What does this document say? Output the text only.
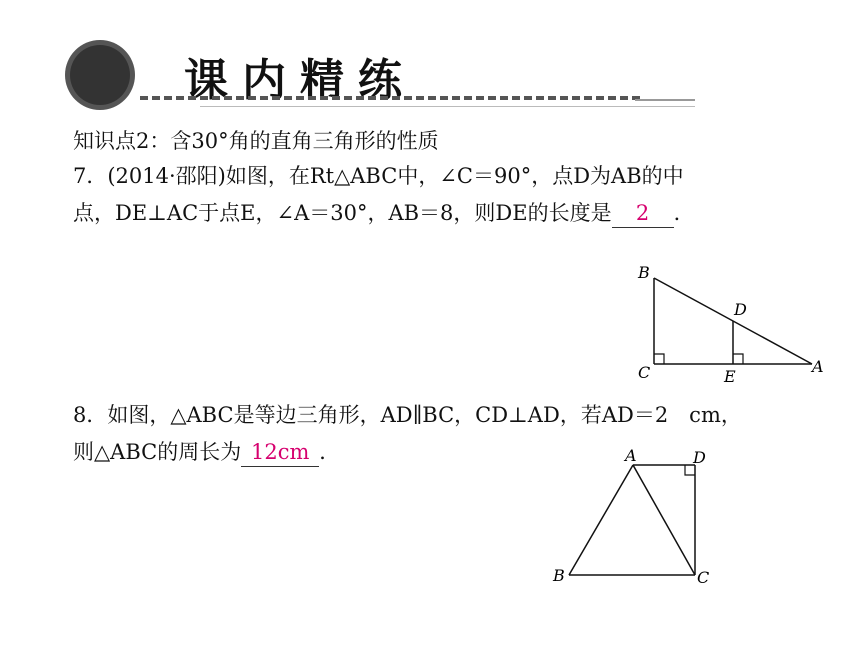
课内精练
知识点2：含30°角的直角三角形的性质
7．(2014·邵阳)如图，在Rt△ABC中，∠C＝90°，点D为AB的中
点，DE⊥AC于点E，∠A＝30°，AB＝8，则DE的长度是 2 ．
B
D
C	E
A
8．如图，△ABC是等边三角形，AD∥BC，CD⊥AD，若AD＝2　cm，
则△ABC的周长为 12cm ．	A	D
B	C
